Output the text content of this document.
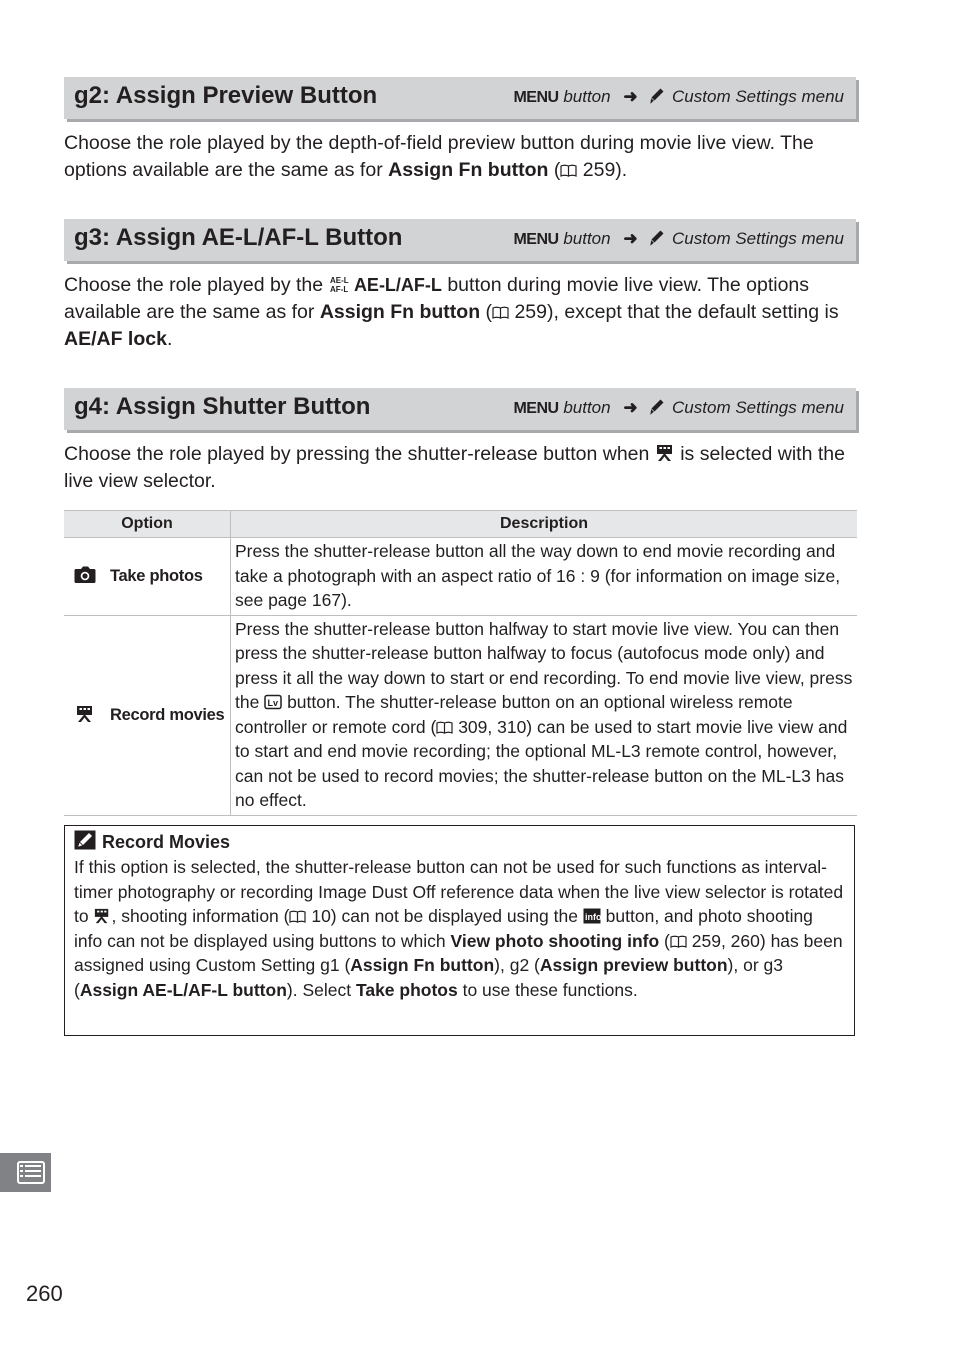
g2: Assign Preview Button	MENU button ➜ Custom Settings menu
Choose the role played by the depth-of-field preview button during movie live view. The options available are the same as for Assign Fn button ( 259).
g3: Assign AE-L/AF-L Button	MENU button ➜ Custom Settings menu
Choose the role played by the AE-L
AF-L AE-L/AF-L button during movie live view. The options available are the same as for Assign Fn button ( 259), except that the default setting is AE/AF lock.
g4: Assign Shutter Button	MENU button ➜ Custom Settings menu
Choose the role played by pressing the shutter-release button when  is selected with the live view selector.
Option	Description
Take photos	Press the shutter-release button all the way down to end movie recording and take a photograph with an aspect ratio of 16 : 9 (for information on image size, see page 167).
Record movies	Press the shutter-release button halfway to start movie live view. You can then press the shutter-release button halfway to focus (autofocus mode only) and press it all the way down to start or end recording. To end movie live view, press the Lv button. The shutter-release button on an optional wireless remote controller or remote cord ( 309, 310) can be used to start movie live view and to start and end movie recording; the optional ML-L3 remote control, however, can not be used to record movies; the shutter-release button on the ML-L3 has no effect.
Record Movies
If this option is selected, the shutter-release button can not be used for such functions as interval-timer photography or recording Image Dust Off reference data when the live view selector is rotated to , shooting information ( 10) can not be displayed using the info button, and photo shooting info can not be displayed using buttons to which View photo shooting info ( 259, 260) has been assigned using Custom Setting g1 (Assign Fn button), g2 (Assign preview button), or g3 (Assign AE-L/AF-L button). Select Take photos to use these functions.
260
